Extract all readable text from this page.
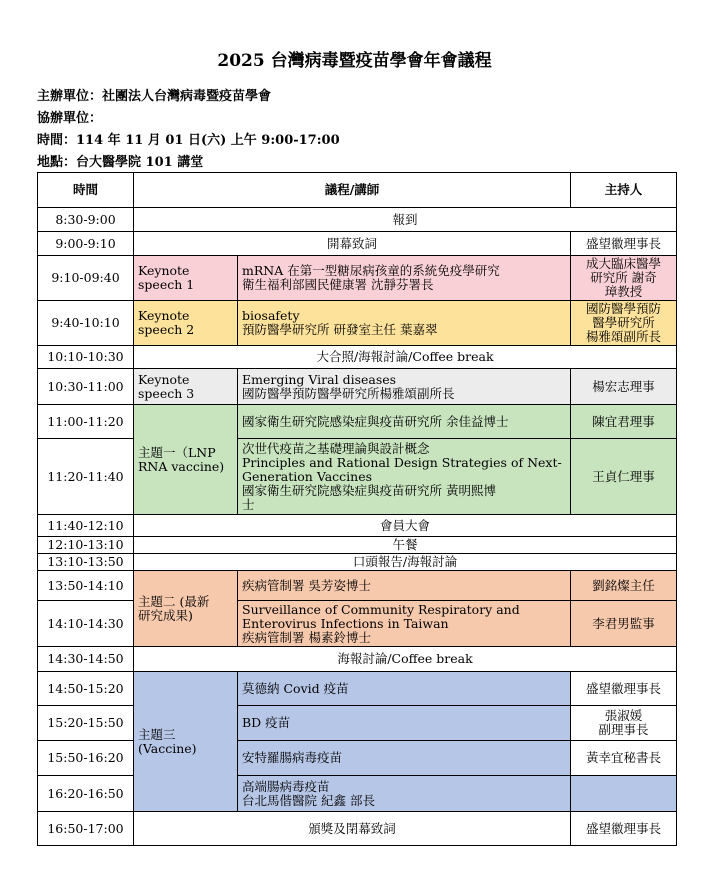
2025 台灣病毒暨疫苗學會年會議程
主辦單位：社團法人台灣病毒暨疫苗學會
協辦單位：
時間：114 年 11 月 01 日(六) 上午 9:00-17:00
地點：台大醫學院 101 講堂
時間	議程/講師		主持人
8:30-9:00	報到		
9:00-9:10	開幕致詞		盛望徽理事長
9:10-09:40	Keynote
speech 1	mRNA 在第一型糖尿病孩童的系統免疫學研究
衛生福利部國民健康署 沈靜芬署長	成大臨床醫學
研究所 謝奇
璋教授

9:40-10:10	Keynote
speech 2	biosafety
預防醫學研究所 研發室主任 葉嘉翠	國防醫學預防
醫學研究所
楊雅頌副所長

10:10-10:30	大合照/海報討論/Coffee break		
10:30-11:00	Keynote
speech 3	Emerging Viral diseases
國防醫學預防醫學研究所楊雅頌副所長	楊宏志理事
11:00-11:20	主題一（LNP
RNA vaccine)	國家衛生研究院感染症與疫苗研究所 余佳益博士	陳宜君理事
11:20-11:40		次世代疫苗之基礎理論與設計概念
Principles and Rational Design Strategies of Next-
Generation Vaccines
國家衛生研究院感染症與疫苗研究所 黃明熙博
士	王貞仁理事
11:40-12:10	會員大會		
12:10-13:10	午餐		
13:10-13:50	口頭報告/海報討論		
13:50-14:10	主題二 (最新
研究成果)	疾病管制署 吳芳姿博士	劉銘燦主任
14:10-14:30		Surveillance of Community Respiratory and
Enterovirus Infections in Taiwan
疾病管制署 楊素鈴博士	李君男監事
14:30-14:50	海報討論/Coffee break		
14:50-15:20	主題三
(Vaccine)	莫德納 Covid 疫苗	盛望徽理事長
15:20-15:50		BD 疫苗	張淑媛
副理事長

15:50-16:20		安特羅腸病毒疫苗	黃幸宜秘書長
16:20-16:50		高端腸病毒疫苗
台北馬偕醫院 紀鑫 部長	

16:50-17:00	頒獎及閉幕致詞		盛望徽理事長
